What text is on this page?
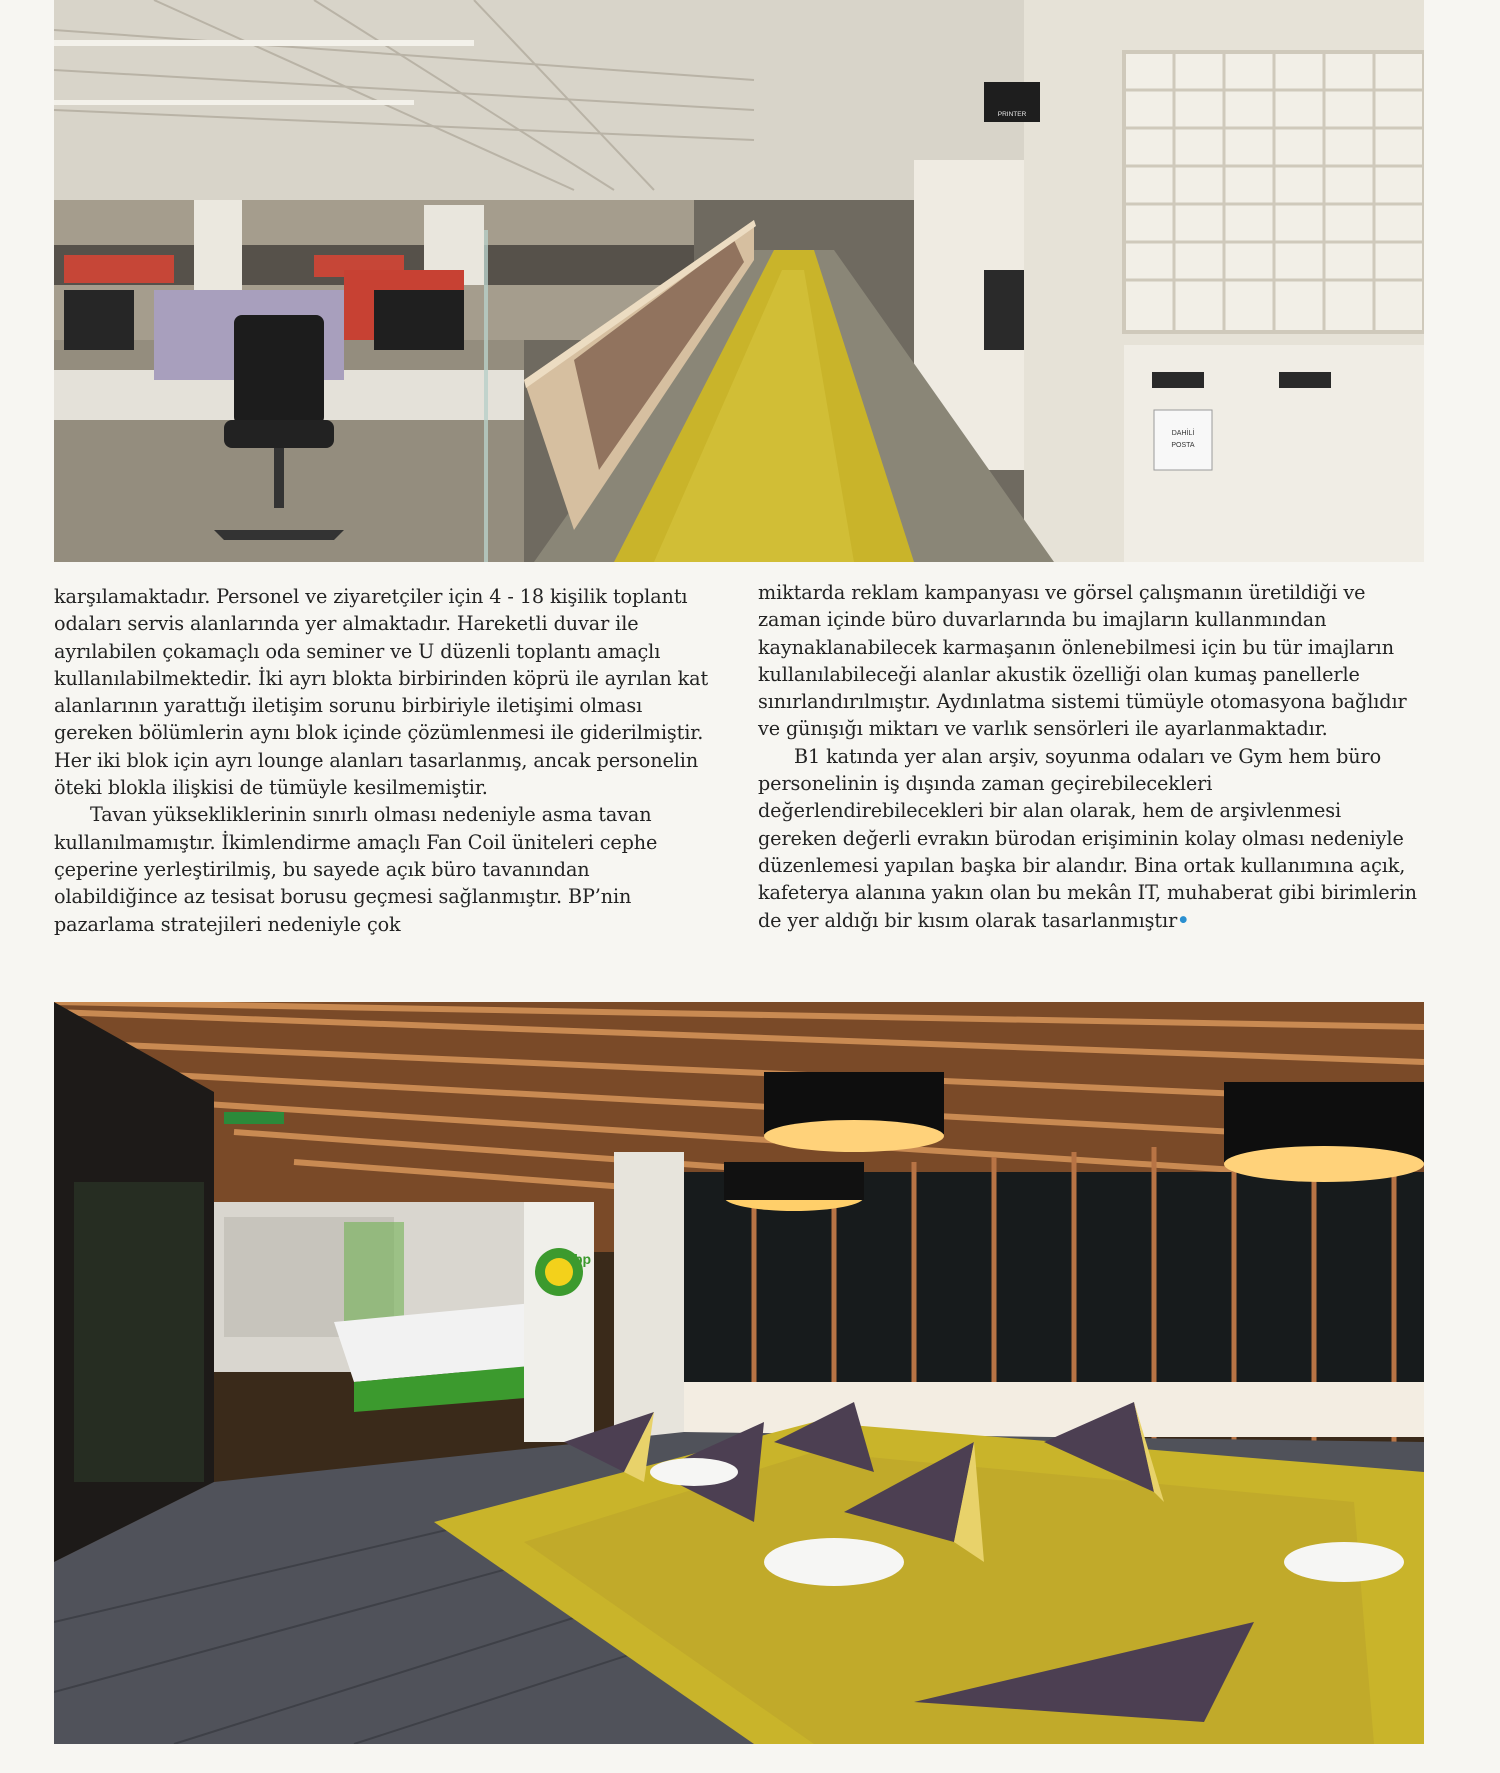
DAHİLİ
POSTA
PRINTER

karşılamaktadır. Personel ve ziyaretçiler için 4 - 18 kişilik toplantı odaları servis alanlarında yer almaktadır. Hareketli duvar ile ayrılabilen çokamaçlı oda seminer ve U düzenli toplantı amaçlı kullanılabilmektedir. İki ayrı blokta birbirinden köprü ile ayrılan kat alanlarının yarattığı iletişim sorunu birbiriyle iletişimi olması gereken bölümlerin aynı blok içinde çözümlenmesi ile giderilmiştir. Her iki blok için ayrı lounge alanları tasarlanmış, ancak personelin öteki blokla ilişkisi de tümüyle kesilmemiştir.

Tavan yüksekliklerinin sınırlı olması nedeniyle asma tavan kullanılmamıştır. İkimlendirme amaçlı Fan Coil üniteleri cephe çeperine yerleştirilmiş, bu sayede açık büro tavanından olabildiğince az tesisat borusu geçmesi sağlanmıştır. BP’nin pazarlama stratejileri nedeniyle çok

miktarda reklam kampanyası ve görsel çalışmanın üretildiği ve zaman içinde büro duvarlarında bu imajların kullanmından kaynaklanabilecek karmaşanın önlenebilmesi için bu tür imajların kullanılabileceği alanlar akustik özelliği olan kumaş panellerle sınırlandırılmıştır. Aydınlatma sistemi tümüyle otomasyona bağlıdır ve günışığı miktarı ve varlık sensörleri ile ayarlanmaktadır.

B1 katında yer alan arşiv, soyunma odaları ve Gym hem büro personelinin iş dışında zaman geçirebilecekleri değerlendirebilecekleri bir alan olarak, hem de arşivlenmesi gereken değerli evrakın bürodan erişiminin kolay olması nedeniyle düzenlemesi yapılan başka bir alandır. Bina ortak kullanımına açık, kafeterya alanına yakın olan bu mekân IT, muhaberat gibi birimlerin de yer aldığı bir kısım olarak tasarlanmıştır•

bp
